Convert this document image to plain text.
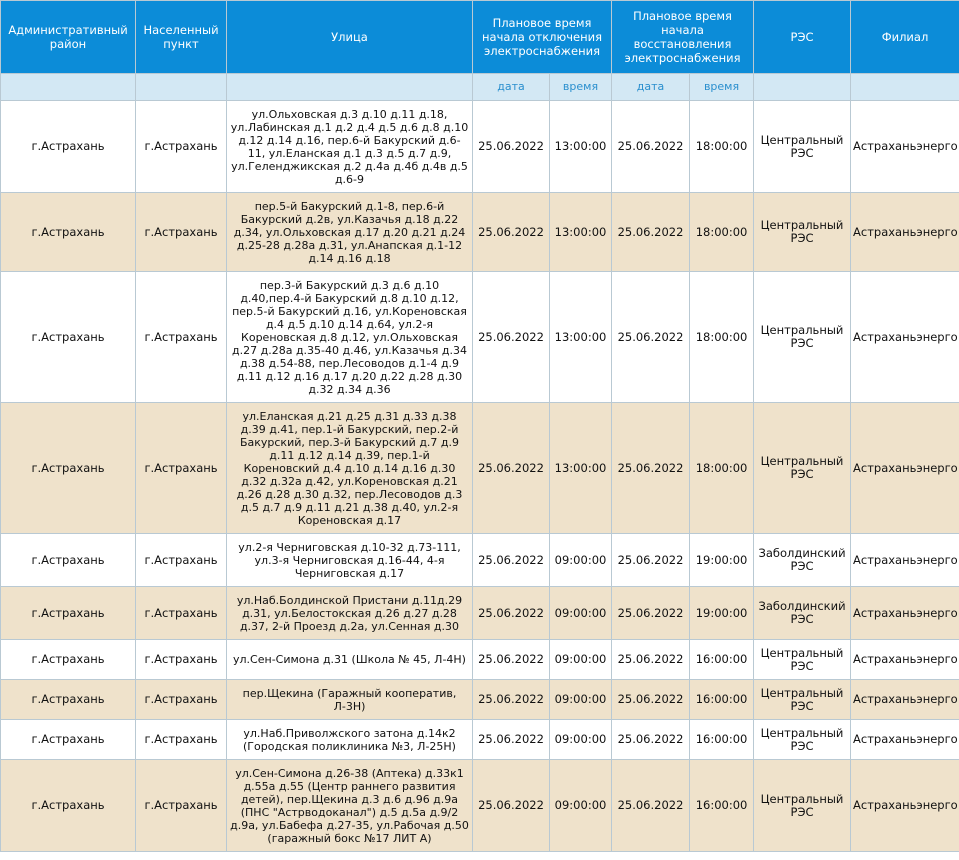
Административный район	Населенный пункт	Улица	Плановое время начала отключения электроснабжения		Плановое время начала восстановления электроснабжения		РЭС	Филиал
			дата	время	дата	время		
г.Астрахань	г.Астрахань	ул.Ольховская д.3 д.10 д.11 д.18, ул.Лабинская д.1 д.2 д.4 д.5 д.6 д.8 д.10 д.12 д.14 д.16, пер.6-й Бакурский д.6-11, ул.Еланская д.1 д.3 д.5 д.7 д.9, ул.Геленджикская д.2 д.4а д.4б д.4в д.5 д.6-9	25.06.2022	13:00:00	25.06.2022	18:00:00	Центральный РЭС	Астраханьэнерго
г.Астрахань	г.Астрахань	пер.5-й Бакурский д.1-8, пер.6-й Бакурский д.2в, ул.Казачья д.18 д.22 д.34, ул.Ольховская д.17 д.20 д.21 д.24 д.25-28 д.28а д.31, ул.Анапская д.1-12 д.14 д.16 д.18	25.06.2022	13:00:00	25.06.2022	18:00:00	Центральный РЭС	Астраханьэнерго
г.Астрахань	г.Астрахань	пер.3-й Бакурский д.3 д.6 д.10 д.40,пер.4-й Бакурский д.8 д.10 д.12, пер.5-й Бакурский д.16, ул.Кореновская д.4 д.5 д.10 д.14 д.64, ул.2-я Кореновская д.8 д.12, ул.Ольховская д.27 д.28а д.35-40 д.46, ул.Казачья д.34 д.38 д.54-88, пер.Лесоводов д.1-4 д.9 д.11 д.12 д.16 д.17 д.20 д.22 д.28 д.30 д.32 д.34 д.36	25.06.2022	13:00:00	25.06.2022	18:00:00	Центральный РЭС	Астраханьэнерго
г.Астрахань	г.Астрахань	ул.Еланская д.21 д.25 д.31 д.33 д.38 д.39 д.41, пер.1-й Бакурский, пер.2-й Бакурский, пер.3-й Бакурский д.7 д.9 д.11 д.12 д.14 д.39, пер.1-й Кореновский д.4 д.10 д.14 д.16 д.30 д.32 д.32а д.42, ул.Кореновская д.21 д.26 д.28 д.30 д.32, пер.Лесоводов д.3 д.5 д.7 д.9 д.11 д.21 д.38 д.40, ул.2-я Кореновская д.17	25.06.2022	13:00:00	25.06.2022	18:00:00	Центральный РЭС	Астраханьэнерго
г.Астрахань	г.Астрахань	ул.2-я Черниговская д.10-32 д.73-111, ул.3-я Черниговская д.16-44, 4-я Черниговская д.17	25.06.2022	09:00:00	25.06.2022	19:00:00	Заболдинский РЭС	Астраханьэнерго
г.Астрахань	г.Астрахань	ул.Наб.Болдинской Пристани д.11д.29 д.31, ул.Белостокская д.26 д.27 д.28 д.37, 2-й Проезд д.2а, ул.Сенная д.30	25.06.2022	09:00:00	25.06.2022	19:00:00	Заболдинский РЭС	Астраханьэнерго
г.Астрахань	г.Астрахань	ул.Сен-Симона д.31 (Школа № 45, Л-4Н)	25.06.2022	09:00:00	25.06.2022	16:00:00	Центральный РЭС	Астраханьэнерго
г.Астрахань	г.Астрахань	пер.Щекина (Гаражный кооператив, Л-3Н)	25.06.2022	09:00:00	25.06.2022	16:00:00	Центральный РЭС	Астраханьэнерго
г.Астрахань	г.Астрахань	ул.Наб.Приволжского затона д.14к2 (Городская поликлиника №3, Л-25Н)	25.06.2022	09:00:00	25.06.2022	16:00:00	Центральный РЭС	Астраханьэнерго
г.Астрахань	г.Астрахань	ул.Сен-Симона д.26-38 (Аптека) д.33к1 д.55а д.55 (Центр раннего развития детей), пер.Щекина д.3 д.6 д.96 д.9а (ПНС "Астрводоканал") д.5 д.5а д.9/2 д.9а, ул.Бабефа д.27-35, ул.Рабочая д.50 (гаражный бокс №17 ЛИТ А)	25.06.2022	09:00:00	25.06.2022	16:00:00	Центральный РЭС	Астраханьэнерго
